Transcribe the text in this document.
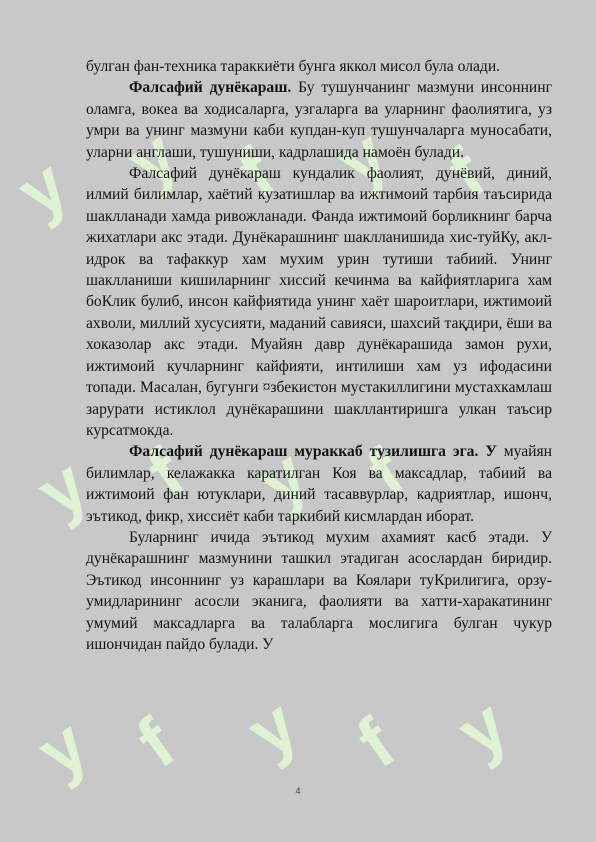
y y f y f
y f y f
y f y f y

булган фан-техника тараккиёти бунга яккол мисол була олади.

Фалсафий дунёкараш. Бу тушунчанинг мазмуни инсоннинг оламга, вокеа ва ходисаларга, узгаларга ва уларнинг фаолиятига, уз умри ва унинг мазмуни каби купдан-куп тушунчаларга муносабати, уларни англаши, тушуниши, кадрлашида намоён булади.

Фалсафий дунёкараш кундалик фаолият, дунёвий, диний, илмий билимлар, хаётий кузатишлар ва ижтимоий тарбия таъсирида шаклланади хамда ривожланади. Фанда ижтимоий борликнинг барча жихатлари акс этади. Дунёкарашнинг шаклланишида хис-туйКу, акл-идрок ва тафаккур хам мухим урин тутиши табиий. Унинг шаклланиши кишиларнинг хиссий кечинма ва кайфиятларига хам боКлик булиб, инсон кайфиятида унинг хаёт шароитлари, ижтимоий ахволи, миллий хусусияти, маданий савияси, шахсий тақдири, ёши ва хоказолар акс этади. Муайян давр дунёкарашида замон рухи, ижтимоий кучларнинг кайфияти, интилиши хам уз ифодасини топади. Масалан, бугунги ¤збекистон мустакиллигини мустахкамлаш зарурати истиклол дунёкарашини шакллантиришга улкан таъсир курсатмокда.

Фалсафий дунёкараш мураккаб тузилишга эга. У муайян билимлар, келажакка каратилган Коя ва максадлар, табиий ва ижтимоий фан ютуклари, диний тасаввурлар, кадриятлар, ишонч, эътикод, фикр, хиссиёт каби таркибий кисмлардан иборат.

Буларнинг ичида эътикод мухим ахамият касб этади. У дунёкарашнинг мазмунини ташкил этадиган асослардан биридир. Эътикод инсоннинг уз карашлари ва Коялари туКрилигига, орзу-умидларининг асосли эканига, фаолияти ва хатти-харакатининг умумий максадларга ва талабларга мослигига булган чукур ишончидан пайдо булади. У

4
